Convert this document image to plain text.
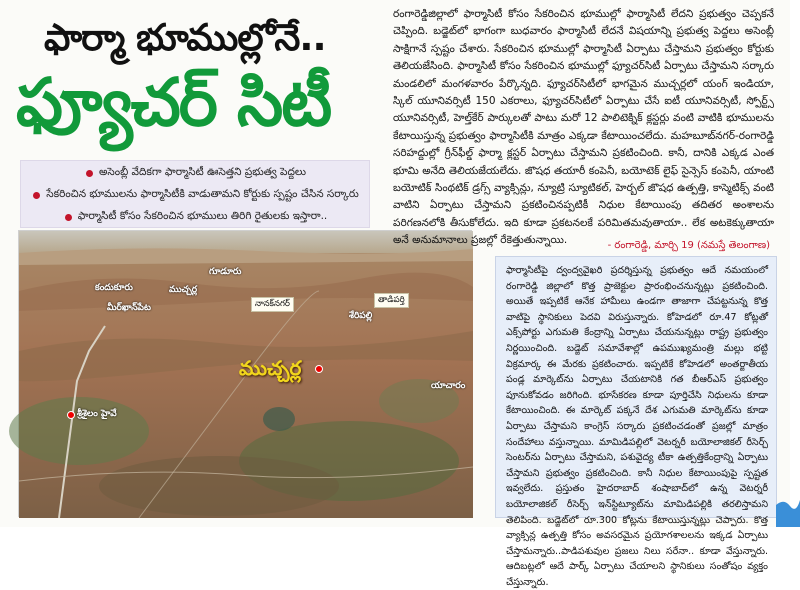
ఫార్మా భూముల్లోనే..
ఫ్యూచర్ సిటీ
అసెంబ్లీ వేదికగా ఫార్మాసిటీ ఊసెత్తని ప్రభుత్వ పెద్దలు
సేకరించిన భూములను ఫార్మాసిటీకి వాడుతామని కోర్టుకు స్పష్టం చేసిన సర్కారు
ఫార్మాసిటీ కోసం సేకరించిన భూములు తిరిగి రైతులకు ఇస్తారా..
కందుకూరు
గూడూరు
ముచ్చర్ల
మీర్‌ఖాన్‌పేట	నానక్‌నగర్	తాడిపర్తి
శేరిపల్లి
యాచారం
ముచ్చర్ల
శ్రీశైలం హైవే
రంగారెడ్డిజిల్లాలో ఫార్మాసిటీ కోసం సేకరించిన భూముల్లో ఫార్మాసిటీ లేదని ప్రభుత్వం చెప్పకనే చెప్పింది. బడ్జెట్‌లో భాగంగా బుధవారం ఫార్మాసిటీ లేదనే విషయాన్ని ప్రభుత్వ పెద్దలు అసెంబ్లీ సాక్షిగానే స్పష్టం చేశారు. సేకరించిన భూముల్లో ఫార్మాసిటీ ఏర్పాటు చేస్తామని ప్రభుత్వం కోర్టుకు తెలియజేసింది. ఫార్మాసిటీ కోసం సేకరించిన భూముల్లో ఫ్యూచర్‌సిటీ ఏర్పాటు చేస్తామని సర్కారు మండలిలో మంగళవారం పేర్కొన్నది. ఫ్యూచర్‌సిటీలో భాగమైన ముచ్చర్లలో యంగ్ ఇండియా, స్కిల్ యూనివర్సిటీ 150 ఎకరాలు, ఫ్యూచర్‌సిటీలో ఏర్పాటు చేసే ఐటీ యూనివర్సిటీ, స్పోర్ట్స్ యూనివర్సిటీ, హెల్త్‌కేర్ పార్కులతో పాటు మరో 12 పాలిటెక్నిక్ క్లస్టర్లు వంటి వాటికి భూములను కేటాయిస్తున్న ప్రభుత్వం ఫార్మాసిటీకి మాత్రం ఎక్కడా కేటాయించలేదు. మహబూబ్‌నగర్-రంగారెడ్డి సరిహద్దుల్లో గ్రీన్‌ఫీల్డ్ ఫార్మా క్లస్టర్ ఏర్పాటు చేస్తామని ప్రకటించింది. కానీ, దానికి ఎక్కడ ఎంత భూమి అనేది తెలియజేయలేదు. జొషధ తయారీ కంపెనీ, బయోటెక్ లైఫ్ సైన్సెస్ కంపెనీ, యాంటి బయోటిక్ సింథటిక్ డ్రగ్స్ వ్యాక్సిన్లు, న్యూట్రి స్యూటికల్, హెర్బల్ జొషధ ఉత్పత్తి, కాస్మెటిక్స్ వంటి వాటిని ఏర్పాటు చేస్తామని ప్రకటించినప్పటికీ నిధుల కేటాయింపు తదితర అంశాలను పరిగణనలోకి తీసుకోలేదు. ఇది కూడా ప్రకటనలకే పరిమితమవుతాయా.. లేక అటకెక్కుతాయా అనే అనుమానాలు ప్రజల్లో రేకెత్తుతున్నాయి.	- రంగారెడ్డి, మార్చి 19 (నమస్తే తెలంగాణ)
ఫార్మాసిటీపై ద్వంద్వవైఖరి ప్రదర్శిస్తున్న ప్రభుత్వం ఆదే నమయంలో రంగారెడ్డి జిల్లాలో కొత్త ప్రాజెక్టుల ప్రారంభించనున్నట్లు ప్రకటించింది. అయితే ఇప్పటికే ఆనేక హామీలు ఉండగా తాజాగా చేపట్టనున్న కొత్త వాటిపై స్థానికులు పెదవి విరుస్తున్నారు. కోహెడలో రూ.47 కోట్లతో ఎక్స్‌పోర్టు ఎగుమతి కేంద్రాన్ని ఏర్పాటు చేయనున్నట్లు రాష్ట్ర ప్రభుత్వం నిర్ణయించింది. బడ్జెట్ సమావేశాల్లో ఉపముఖ్యమంత్రి మల్లు భట్టి విక్రమార్క ఈ మేరకు ప్రకటించారు. ఇప్పటికే కోహెడలో అంతర్జాతీయ పండ్ల మార్కెట్‌ను ఏర్పాటు చేయటానికి గత బీఆర్‌ఎస్ ప్రభుత్వం పూనుకోవడం జరిగింది. భూసేకరణ కూడా పూర్తిచేసి నిధులను కూడా కేటాయించింది. ఈ మార్కెట్ పక్కనే దేశ ఎగుమతి మార్కెట్‌ను కూడా ఏర్పాటు చేస్తామని కాంగ్రెస్ సర్కారు ప్రకటించడంతో ప్రజల్లో మాత్రం సందేహాలు వస్తున్నాయి. మామిడిపల్లిలో వెటర్నరీ బయోలాజికల్ రీసెర్చ్ సెంటర్‌ను ఏర్పాటు చేస్తామని, పశువైద్య టీకా ఉత్పత్తికేంద్రాన్ని ఏర్పాటు చేస్తామని ప్రభుత్వం ప్రకటించింది. కానీ నిధుల కేటాయింపుపై స్పష్టత ఇవ్వలేదు. ప్రస్తుతం హైదరాబాద్ శంషాబాద్‌లో ఉన్న వెటర్నరీ బయోలాజికల్ రీసెర్చ్ ఇన్‌స్టిట్యూట్‌ను మామిడిపల్లికి తరలిస్తామని తెలిపింది. బడ్జెట్‌లో రూ.300 కోట్లను కేటాయిస్తున్నట్లు చెప్పారు. కొత్త వ్యాక్సిన్ల ఉత్పత్తి కోసం అవసరమైన ప్రయోగశాలలను ఇక్కడ ఏర్పాటు చేస్తామన్నారు..పాడిపశువుల ప్రజలు నిలు సరేనా.. కూడా వేస్తున్నారు. ఆదిబట్లలో ఆదే పార్క్ ఏర్పాటు చేయాలని స్థానికులు సంతోషం వ్యక్తం చేస్తున్నారు.
